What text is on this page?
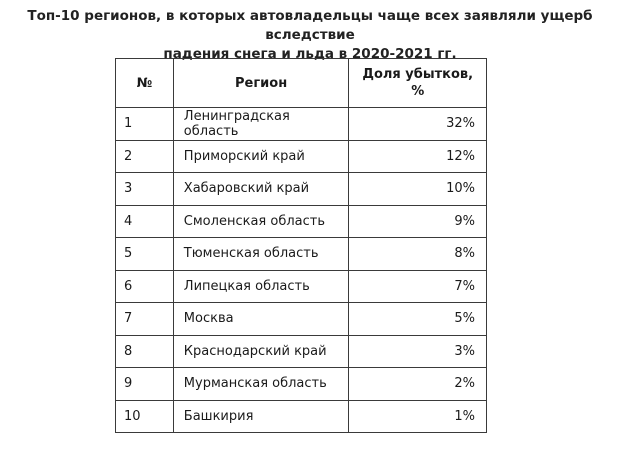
Топ-10 регионов, в которых автовладельцы чаще всех заявляли ущерб вследствие
падения снега и льда в 2020-2021 гг.
№	Регион	Доля убытков,
%
1	Ленинградская область	32%
2	Приморский край	12%
3	Хабаровский край	10%
4	Смоленская область	9%
5	Тюменская область	8%
6	Липецкая область	7%
7	Москва	5%
8	Краснодарский край	3%
9	Мурманская область	2%
10	Башкирия	1%
